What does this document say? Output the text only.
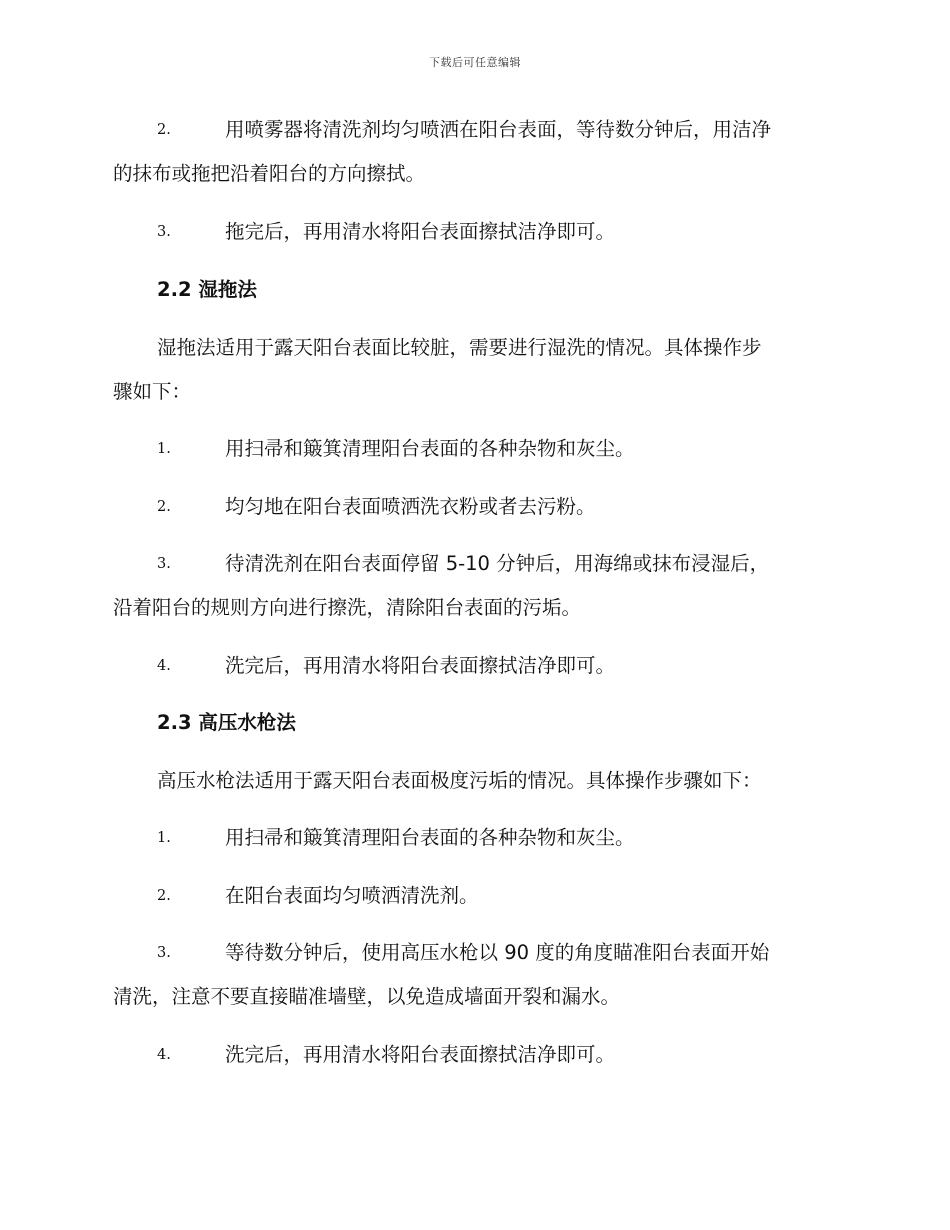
下载后可任意编辑
2.	用喷雾器将清洗剂均匀喷洒在阳台表面，等待数分钟后，用洁净
的抹布或拖把沿着阳台的方向擦拭。
3.	拖完后，再用清水将阳台表面擦拭洁净即可。
2.2 湿拖法
湿拖法适用于露天阳台表面比较脏，需要进行湿洗的情况。具体操作步
骤如下：
1.	用扫帚和簸箕清理阳台表面的各种杂物和灰尘。
2.	均匀地在阳台表面喷洒洗衣粉或者去污粉。
3.	待清洗剂在阳台表面停留 5-10 分钟后，用海绵或抹布浸湿后，
沿着阳台的规则方向进行擦洗，清除阳台表面的污垢。
4.	洗完后，再用清水将阳台表面擦拭洁净即可。
2.3 高压水枪法
高压水枪法适用于露天阳台表面极度污垢的情况。具体操作步骤如下：
1.	用扫帚和簸箕清理阳台表面的各种杂物和灰尘。
2.	在阳台表面均匀喷洒清洗剂。
3.	等待数分钟后，使用高压水枪以 90 度的角度瞄准阳台表面开始
清洗，注意不要直接瞄准墙壁，以免造成墙面开裂和漏水。
4.	洗完后，再用清水将阳台表面擦拭洁净即可。
